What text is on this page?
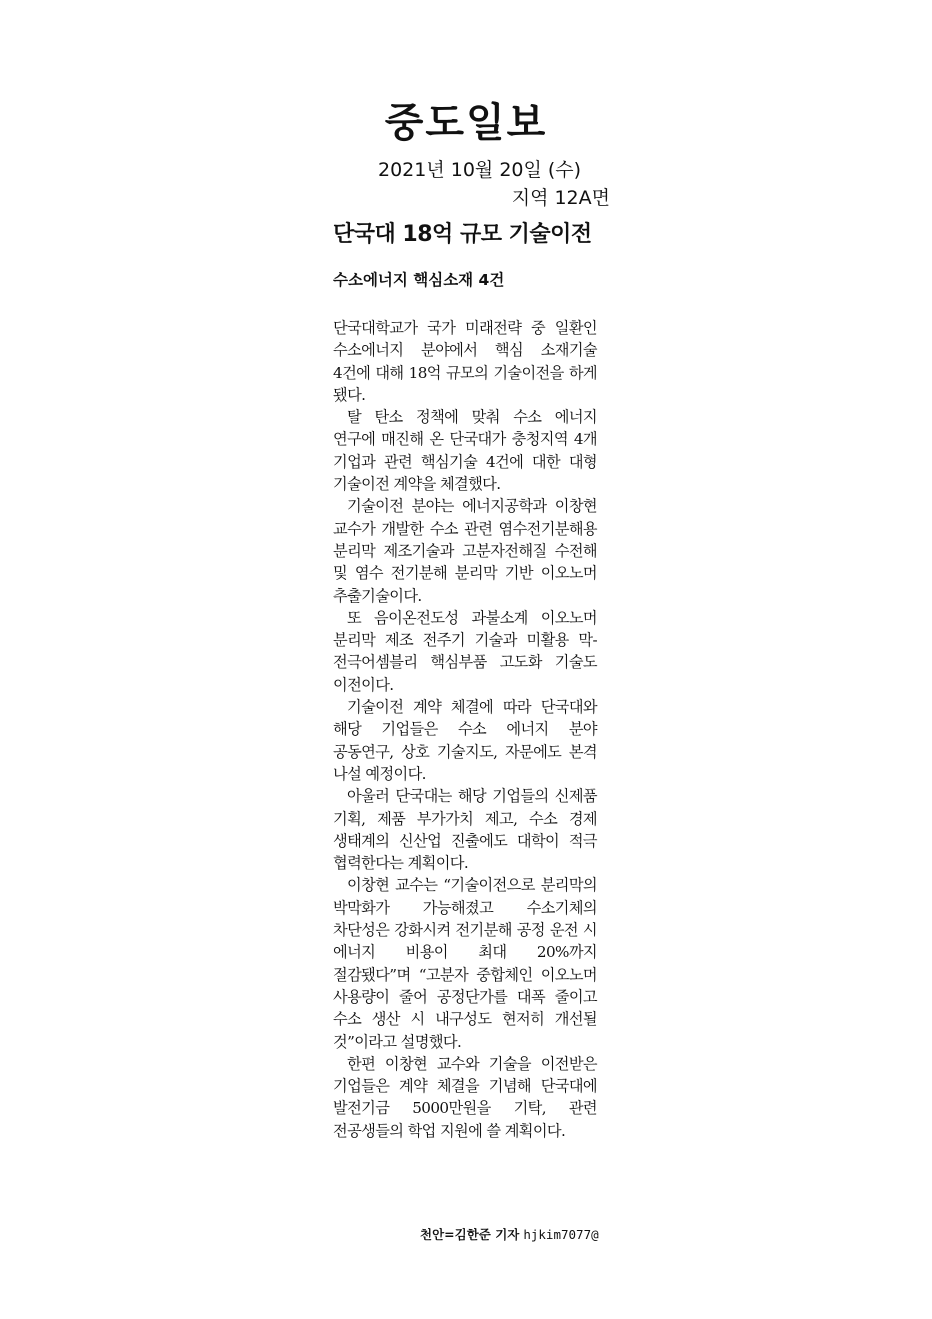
중도일보
2021년 10월 20일 (수)
지역 12A면
단국대 18억 규모 기술이전
수소에너지 핵심소재 4건

단국대학교가 국가 미래전략 중 일환인 수소에너지 분야에서 핵심 소재기술 4건에 대해 18억 규모의 기술이전을 하게 됐다.

탈 탄소 정책에 맞춰 수소 에너지 연구에 매진해 온 단국대가 충청지역 4개 기업과 관련 핵심기술 4건에 대한 대형 기술이전 계약을 체결했다.

기술이전 분야는 에너지공학과 이창현 교수가 개발한 수소 관련 염수전기분해용 분리막 제조기술과 고분자전해질 수전해 및 염수 전기분해 분리막 기반 이오노머 추출기술이다.

또 음이온전도성 과불소계 이오노머 분리막 제조 전주기 기술과 미활용 막-전극어셈블리 핵심부품 고도화 기술도 이전이다.

기술이전 계약 체결에 따라 단국대와 해당 기업들은 수소 에너지 분야 공동연구, 상호 기술지도, 자문에도 본격 나설 예정이다.

아울러 단국대는 해당 기업들의 신제품 기획, 제품 부가가치 제고, 수소 경제 생태계의 신산업 진출에도 대학이 적극 협력한다는 계획이다.

이창현 교수는 “기술이전으로 분리막의 박막화가 가능해졌고 수소기체의 차단성은 강화시켜 전기분해 공정 운전 시 에너지 비용이 최대 20%까지 절감됐다”며 “고분자 중합체인 이오노머 사용량이 줄어 공정단가를 대폭 줄이고 수소 생산 시 내구성도 현저히 개선될 것”이라고 설명했다.

한편 이창현 교수와 기술을 이전받은 기업들은 계약 체결을 기념해 단국대에 발전기금 5000만원을 기탁, 관련 전공생들의 학업 지원에 쓸 계획이다.

천안=김한준 기자 hjkim7077@
